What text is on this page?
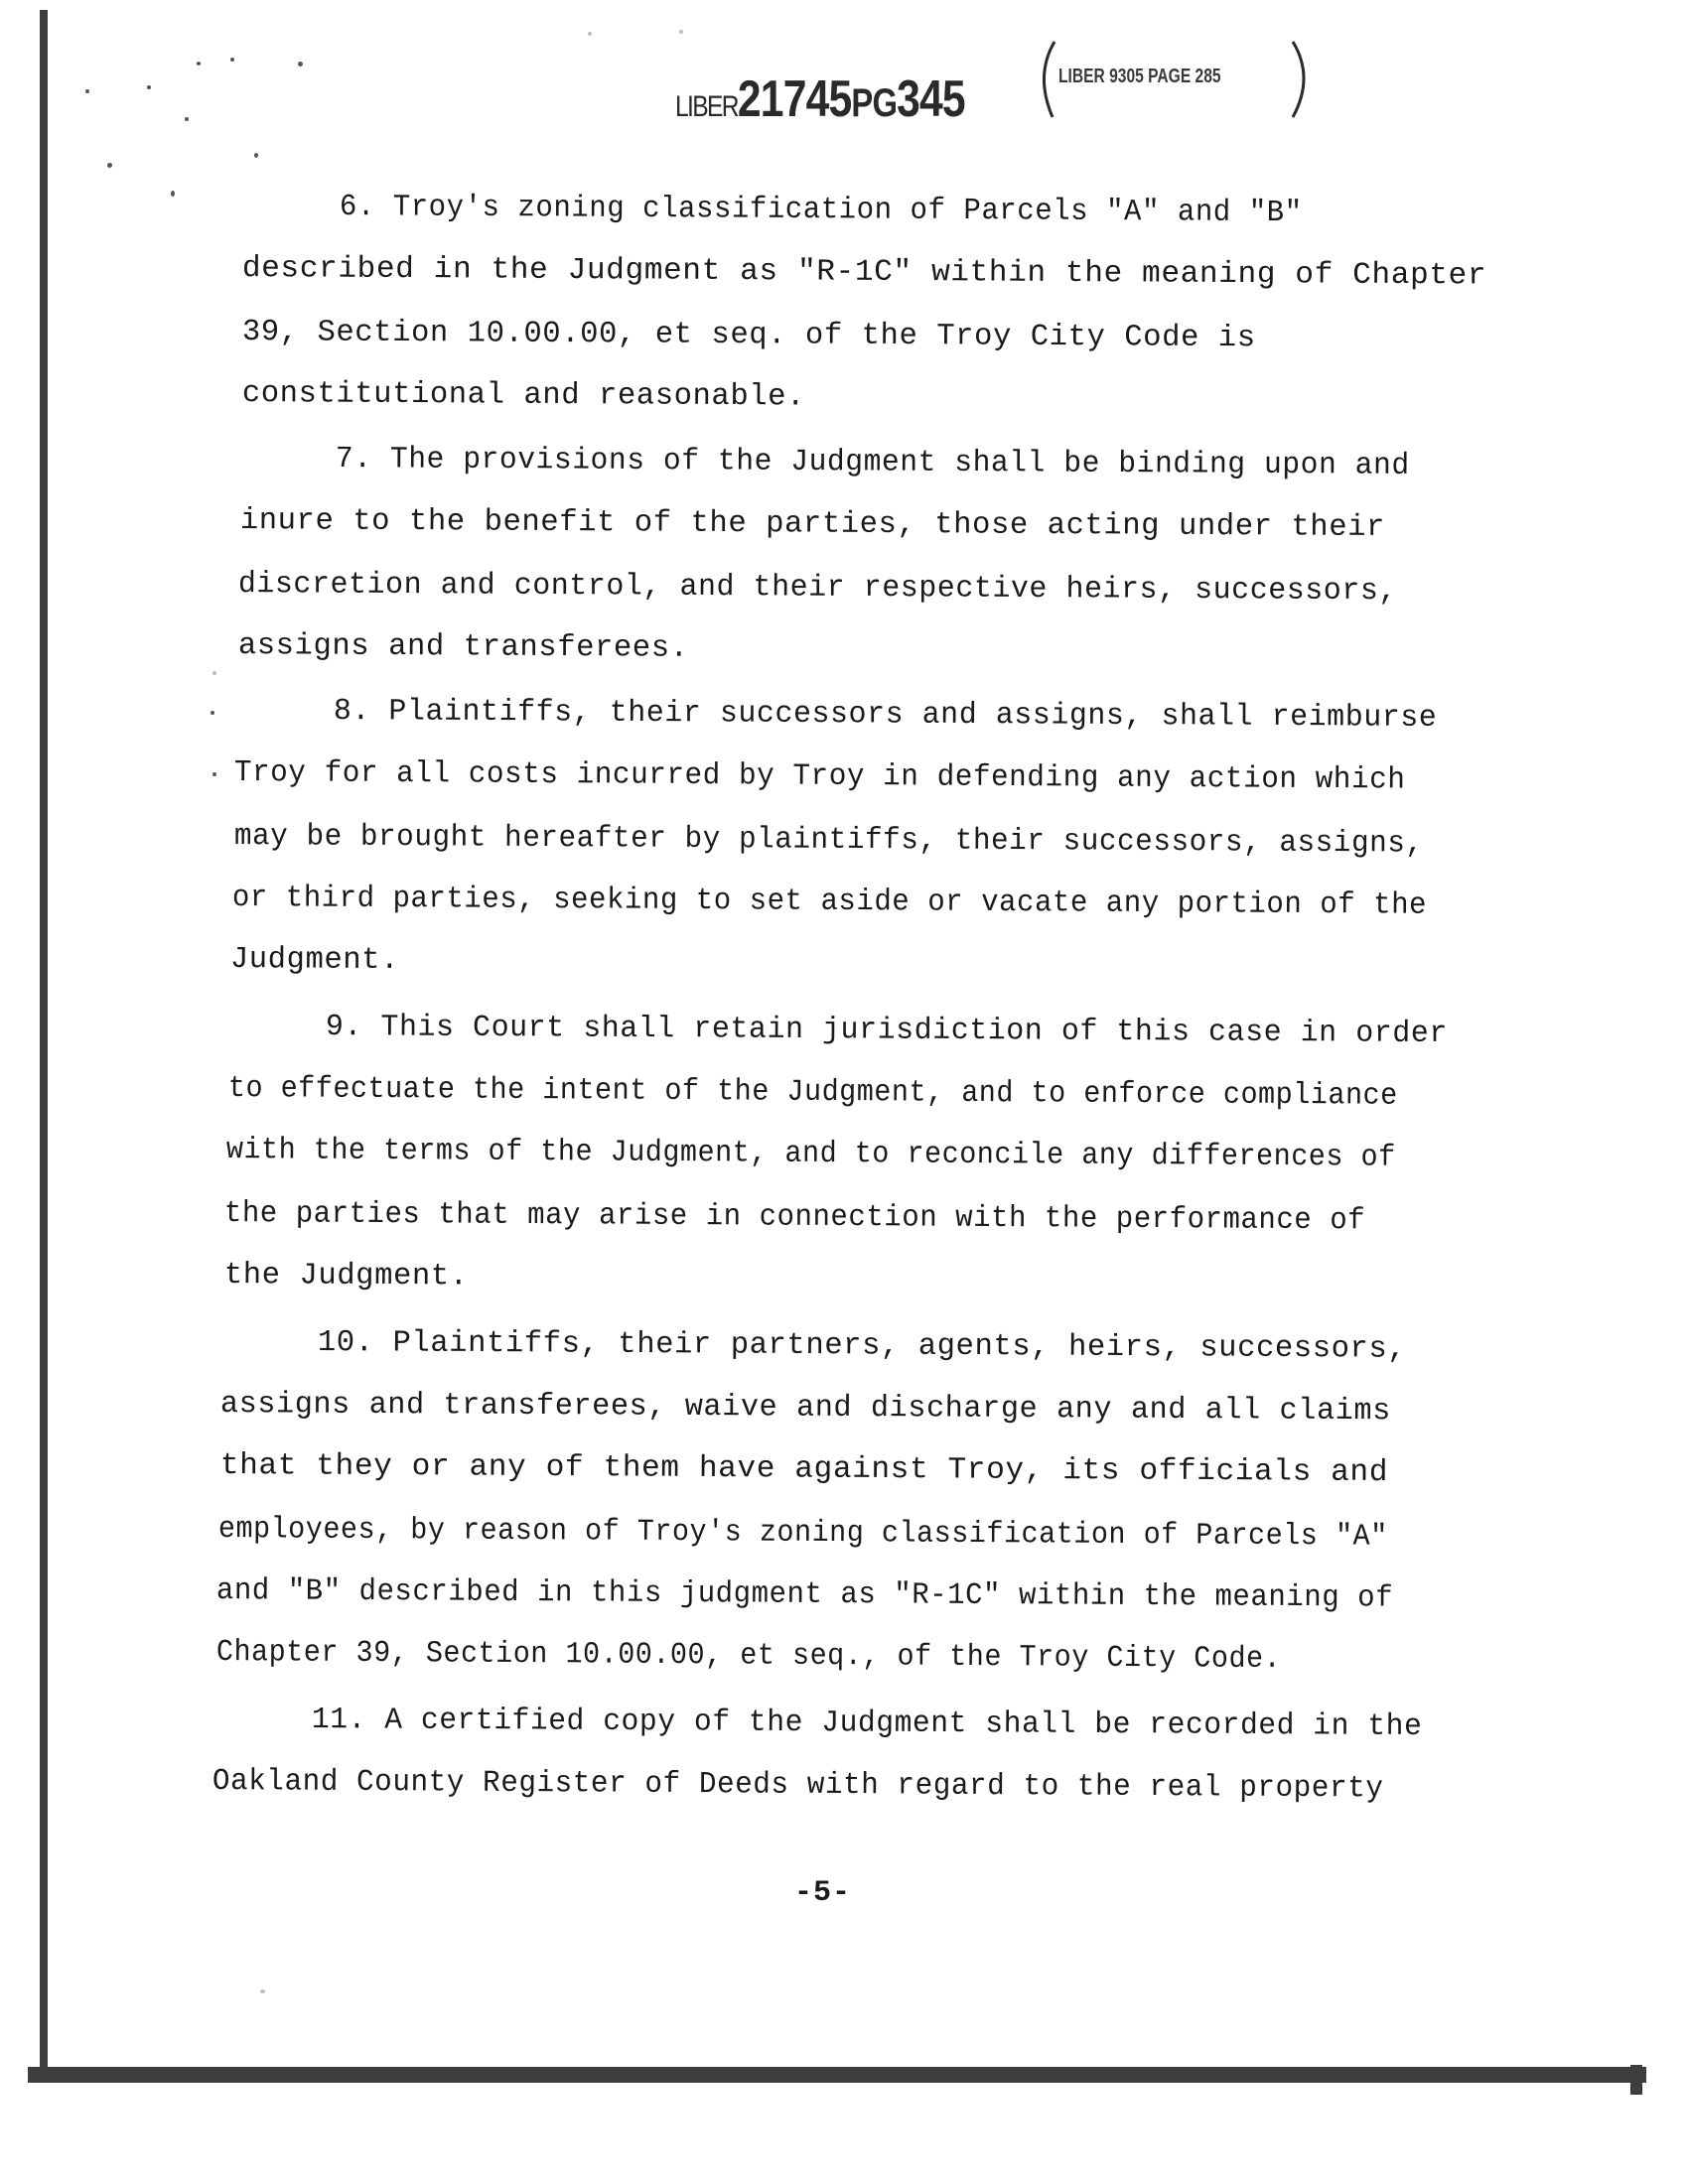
LIBER21745PG345	LIBER 9305 PAGE 285
6. Troy's zoning classification of Parcels "A" and "B"
described in the Judgment as "R-1C" within the meaning of Chapter
39, Section 10.00.00, et seq. of the Troy City Code is
constitutional and reasonable.
7. The provisions of the Judgment shall be binding upon and
inure to the benefit of the parties, those acting under their
discretion and control, and their respective heirs, successors,
assigns and transferees.
8. Plaintiffs, their successors and assigns, shall reimburse
Troy for all costs incurred by Troy in defending any action which
may be brought hereafter by plaintiffs, their successors, assigns,
or third parties, seeking to set aside or vacate any portion of the
Judgment.
9. This Court shall retain jurisdiction of this case in order
to effectuate the intent of the Judgment, and to enforce compliance
with the terms of the Judgment, and to reconcile any differences of
the parties that may arise in connection with the performance of
the Judgment.
10. Plaintiffs, their partners, agents, heirs, successors,
assigns and transferees, waive and discharge any and all claims
that they or any of them have against Troy, its officials and
employees, by reason of Troy's zoning classification of Parcels "A"
and "B" described in this judgment as "R-1C" within the meaning of
Chapter 39, Section 10.00.00, et seq., of the Troy City Code.
11. A certified copy of the Judgment shall be recorded in the
Oakland County Register of Deeds with regard to the real property
-5-
